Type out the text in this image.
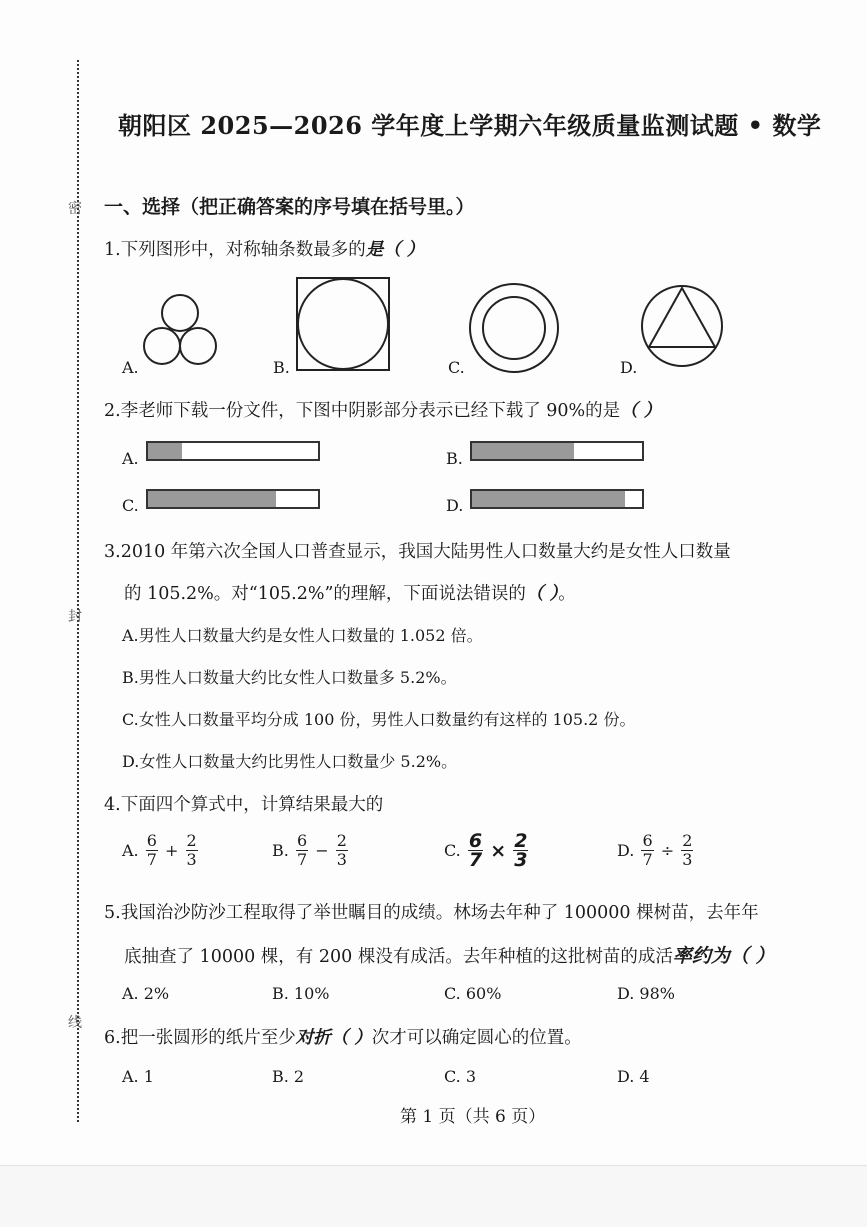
密
封
线
朝阳区 2025—2026 学年度上学期六年级质量监测试题 • 数学
一、选择（把正确答案的序号填在括号里。）
1.下列图形中，对称轴条数最多的是（ ）
A.	B.	C.	D.
2.李老师下载一份文件，下图中阴影部分表示已经下载了 90%的是（ ）
A.	B.
C.	D.
3.2010 年第六次全国人口普查显示，我国大陆男性人口数量大约是女性人口数量
的 105.2%。对“105.2%”的理解，下面说法错误的（ ）。
A.男性人口数量大约是女性人口数量的 1.052 倍。
B.男性人口数量大约比女性人口数量多 5.2%。
C.女性人口数量平均分成 100 份，男性人口数量约有这样的 105.2 份。
D.女性人口数量大约比男性人口数量少 5.2%。
4.下面四个算式中，计算结果最大的
A. $\frac{6}{7} + \frac{2}{3}$	B. $\frac{6}{7} - \frac{2}{3}$	C. $\frac{6}{7} \times \frac{2}{3}$	D. $\frac{6}{7} \div \frac{2}{3}$
5.我国治沙防沙工程取得了举世瞩目的成绩。林场去年种了 100000 棵树苗，去年年
底抽查了 10000 棵，有 200 棵没有成活。去年种植的这批树苗的成活率约为（ ）
A. 2%	B. 10%	C. 60%	D. 98%
6.把一张圆形的纸片至少对折（ ）次才可以确定圆心的位置。
A. 1	B. 2	C. 3	D. 4
第 1 页（共 6 页）
